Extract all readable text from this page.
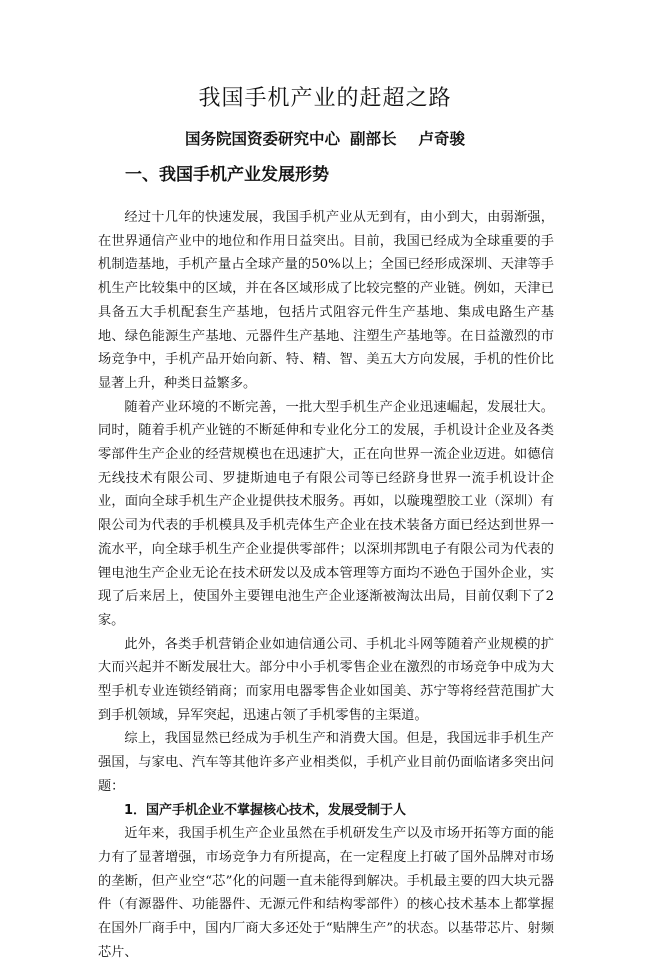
我国手机产业的赶超之路
国务院国资委研究中心 副部长 卢奇骏
一、我国手机产业发展形势

经过十几年的快速发展，我国手机产业从无到有，由小到大，由弱渐强，在世界通信产业中的地位和作用日益突出。目前，我国已经成为全球重要的手机制造基地，手机产量占全球产量的50%以上；全国已经形成深圳、天津等手机生产比较集中的区域，并在各区域形成了比较完整的产业链。例如，天津已具备五大手机配套生产基地，包括片式阻容元件生产基地、集成电路生产基地、绿色能源生产基地、元器件生产基地、注塑生产基地等。在日益激烈的市场竞争中，手机产品开始向新、特、精、智、美五大方向发展，手机的性价比显著上升，种类日益繁多。

随着产业环境的不断完善，一批大型手机生产企业迅速崛起，发展壮大。同时，随着手机产业链的不断延伸和专业化分工的发展，手机设计企业及各类零部件生产企业的经营规模也在迅速扩大，正在向世界一流企业迈进。如德信无线技术有限公司、罗捷斯迪电子有限公司等已经跻身世界一流手机设计企业，面向全球手机生产企业提供技术服务。再如，以璇瑰塑胶工业（深圳）有限公司为代表的手机模具及手机壳体生产企业在技术装备方面已经达到世界一流水平，向全球手机生产企业提供零部件；以深圳邦凯电子有限公司为代表的锂电池生产企业无论在技术研发以及成本管理等方面均不逊色于国外企业，实现了后来居上，使国外主要锂电池生产企业逐渐被淘汰出局，目前仅剩下了2家。

此外，各类手机营销企业如迪信通公司、手机北斗网等随着产业规模的扩大而兴起并不断发展壮大。部分中小手机零售企业在激烈的市场竞争中成为大型手机专业连锁经销商；而家用电器零售企业如国美、苏宁等将经营范围扩大到手机领域，异军突起，迅速占领了手机零售的主渠道。

综上，我国显然已经成为手机生产和消费大国。但是，我国远非手机生产强国，与家电、汽车等其他许多产业相类似，手机产业目前仍面临诸多突出问题：

1．国产手机企业不掌握核心技术，发展受制于人

近年来，我国手机生产企业虽然在手机研发生产以及市场开拓等方面的能力有了显著增强，市场竞争力有所提高，在一定程度上打破了国外品牌对市场的垄断，但产业空“芯”化的问题一直未能得到解决。手机最主要的四大块元器件（有源器件、功能器件、无源元件和结构零部件）的核心技术基本上都掌握在国外厂商手中，国内厂商大多还处于“贴牌生产”的状态。以基带芯片、射频芯片、
